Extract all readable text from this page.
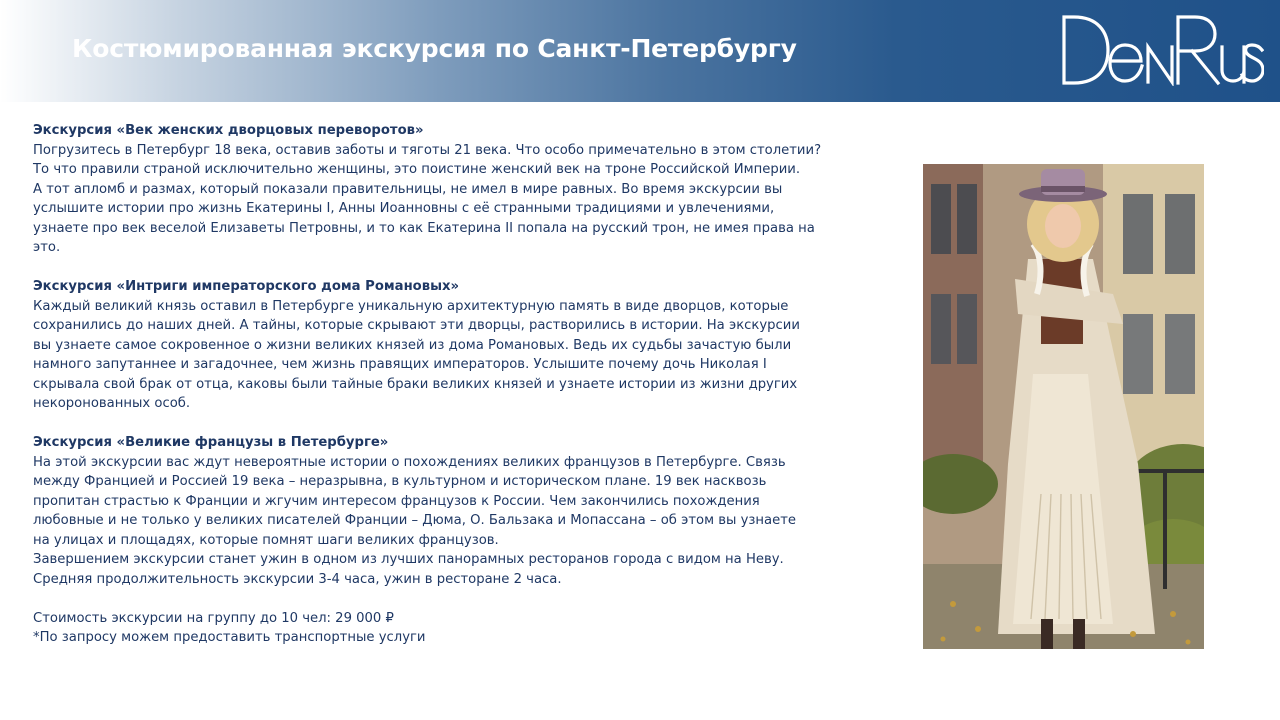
Костюмированная экскурсия по Санкт-Петербургу
Экскурсия «Век женских дворцовых переворотов»
Погрузитесь в Петербург 18 века, оставив заботы и тяготы 21 века. Что особо примечательно в этом столетии?
То что правили страной исключительно женщины, это поистине женский век на троне Российской Империи.
А тот апломб и размах, который показали правительницы, не имел в мире равных. Во время экскурсии вы
услышите истории про жизнь Екатерины I, Анны Иоанновны с её странными традициями и увлечениями,
узнаете про век веселой Елизаветы Петровны, и то как Екатерина II попала на русский трон, не имея права на
это.
Экскурсия «Интриги императорского дома Романовых»
Каждый великий князь оставил в Петербурге уникальную архитектурную память в виде дворцов, которые
сохранились до наших дней. А тайны, которые скрывают эти дворцы, растворились в истории. На экскурсии
вы узнаете самое сокровенное о жизни великих князей из дома Романовых. Ведь их судьбы зачастую были
намного запутаннее и загадочнее, чем жизнь правящих императоров. Услышите почему дочь Николая I
скрывала свой брак от отца, каковы были тайные браки великих князей и узнаете истории из жизни других
некоронованных особ.
Экскурсия «Великие французы в Петербурге»
На этой экскурсии вас ждут невероятные истории о похождениях великих французов в Петербурге. Связь
между Францией и Россией 19 века – неразрывна, в культурном и историческом плане. 19 век насквозь
пропитан страстью к Франции и жгучим интересом французов к России. Чем закончились похождения
любовные и не только у великих писателей Франции – Дюма, О. Бальзака и Мопассана – об этом вы узнаете
на улицах и площадях, которые помнят шаги великих французов.
Завершением экскурсии станет ужин в одном из лучших панорамных ресторанов города с видом на Неву.
Средняя продолжительность экскурсии 3-4 часа, ужин в ресторане 2 часа.
Стоимость экскурсии на группу до 10 чел: 29 000 ₽
*По запросу можем предоставить транспортные услуги
